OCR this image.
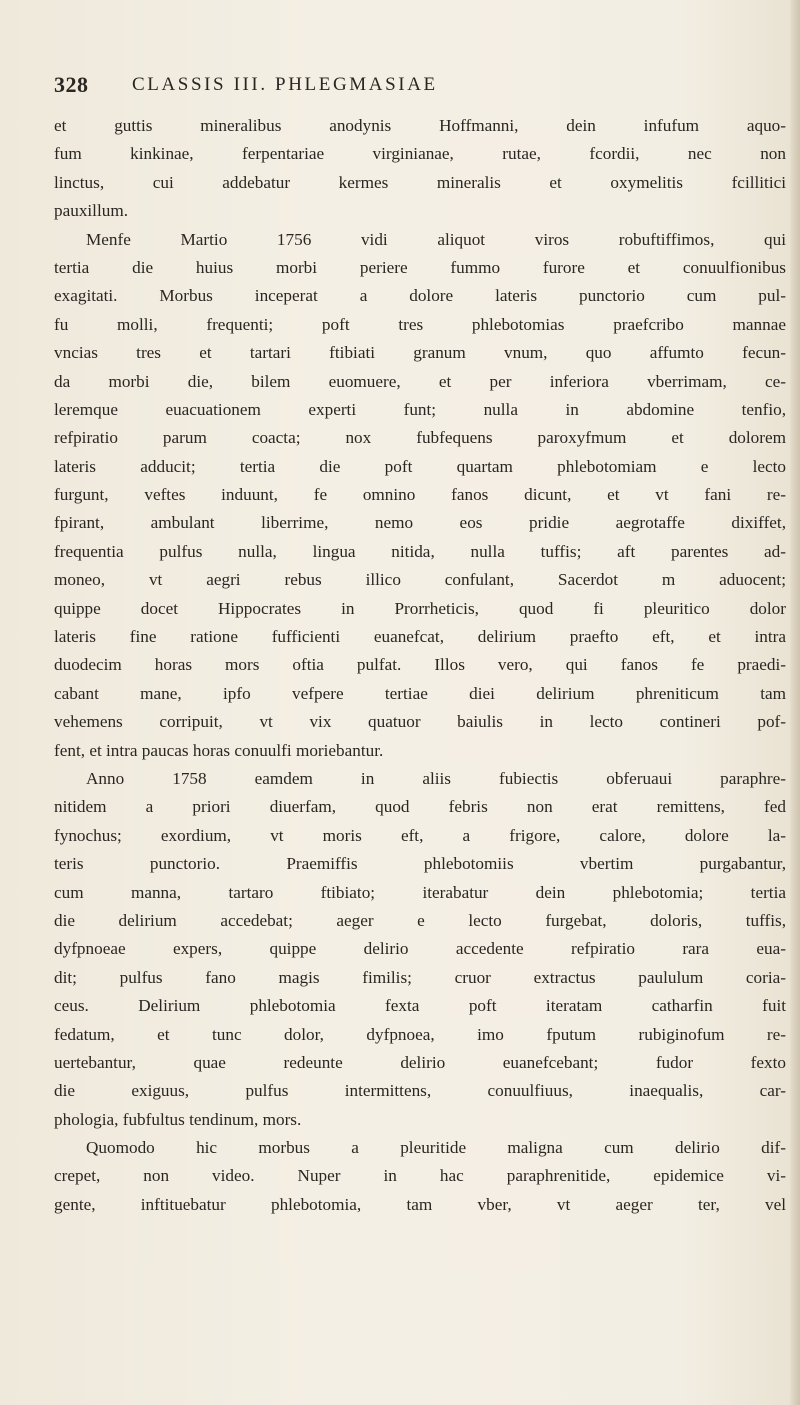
328 CLASSIS III. PHLEGMASIAE
et guttis mineralibus anodynis Hoffmanni, dein infufum aquo-
fum kinkinae, ferpentariae virginianae, rutae, fcordii, nec non
linctus, cui addebatur kermes mineralis et oxymelitis fcillitici
pauxillum.
Menfe Martio 1756 vidi aliquot viros robuftiffimos, qui
tertia die huius morbi periere fummo furore et conuulfionibus
exagitati. Morbus inceperat a dolore lateris punctorio cum pul-
fu molli, frequenti; poft tres phlebotomias praefcribo mannae
vncias tres et tartari ftibiati granum vnum, quo affumto fecun-
da morbi die, bilem euomuere, et per inferiora vberrimam, ce-
leremque euacuationem experti funt; nulla in abdomine tenfio,
refpiratio parum coacta; nox fubfequens paroxyfmum et dolorem
lateris adducit; tertia die poft quartam phlebotomiam e lecto
furgunt, veftes induunt, fe omnino fanos dicunt, et vt fani re-
fpirant, ambulant liberrime, nemo eos pridie aegrotaffe dixiffet,
frequentia pulfus nulla, lingua nitida, nulla tuffis; aft parentes ad-
moneo, vt aegri rebus illico confulant, Sacerdot m aduocent;
quippe docet Hippocrates in Prorrheticis, quod fi pleuritico dolor
lateris fine ratione fufficienti euanefcat, delirium praefto eft, et intra
duodecim horas mors oftia pulfat. Illos vero, qui fanos fe praedi-
cabant mane, ipfo vefpere tertiae diei delirium phreniticum tam
vehemens corripuit, vt vix quatuor baiulis in lecto contineri pof-
fent, et intra paucas horas conuulfi moriebantur.
Anno 1758 eamdem in aliis fubiectis obferuaui paraphre-
nitidem a priori diuerfam, quod febris non erat remittens, fed
fynochus; exordium, vt moris eft, a frigore, calore, dolore la-
teris punctorio. Praemiffis phlebotomiis vbertim purgabantur,
cum manna, tartaro ftibiato; iterabatur dein phlebotomia; tertia
die delirium accedebat; aeger e lecto furgebat, doloris, tuffis,
dyfpnoeae expers, quippe delirio accedente refpiratio rara eua-
dit; pulfus fano magis fimilis; cruor extractus paululum coria-
ceus. Delirium phlebotomia fexta poft iteratam catharfin fuit
fedatum, et tunc dolor, dyfpnoea, imo fputum rubiginofum re-
uertebantur, quae redeunte delirio euanefcebant; fudor fexto
die exiguus, pulfus intermittens, conuulfiuus, inaequalis, car-
phologia, fubfultus tendinum, mors.
Quomodo hic morbus a pleuritide maligna cum delirio dif-
crepet, non video. Nuper in hac paraphrenitide, epidemice vi-
gente, inftituebatur phlebotomia, tam vber, vt aeger ter, vel
